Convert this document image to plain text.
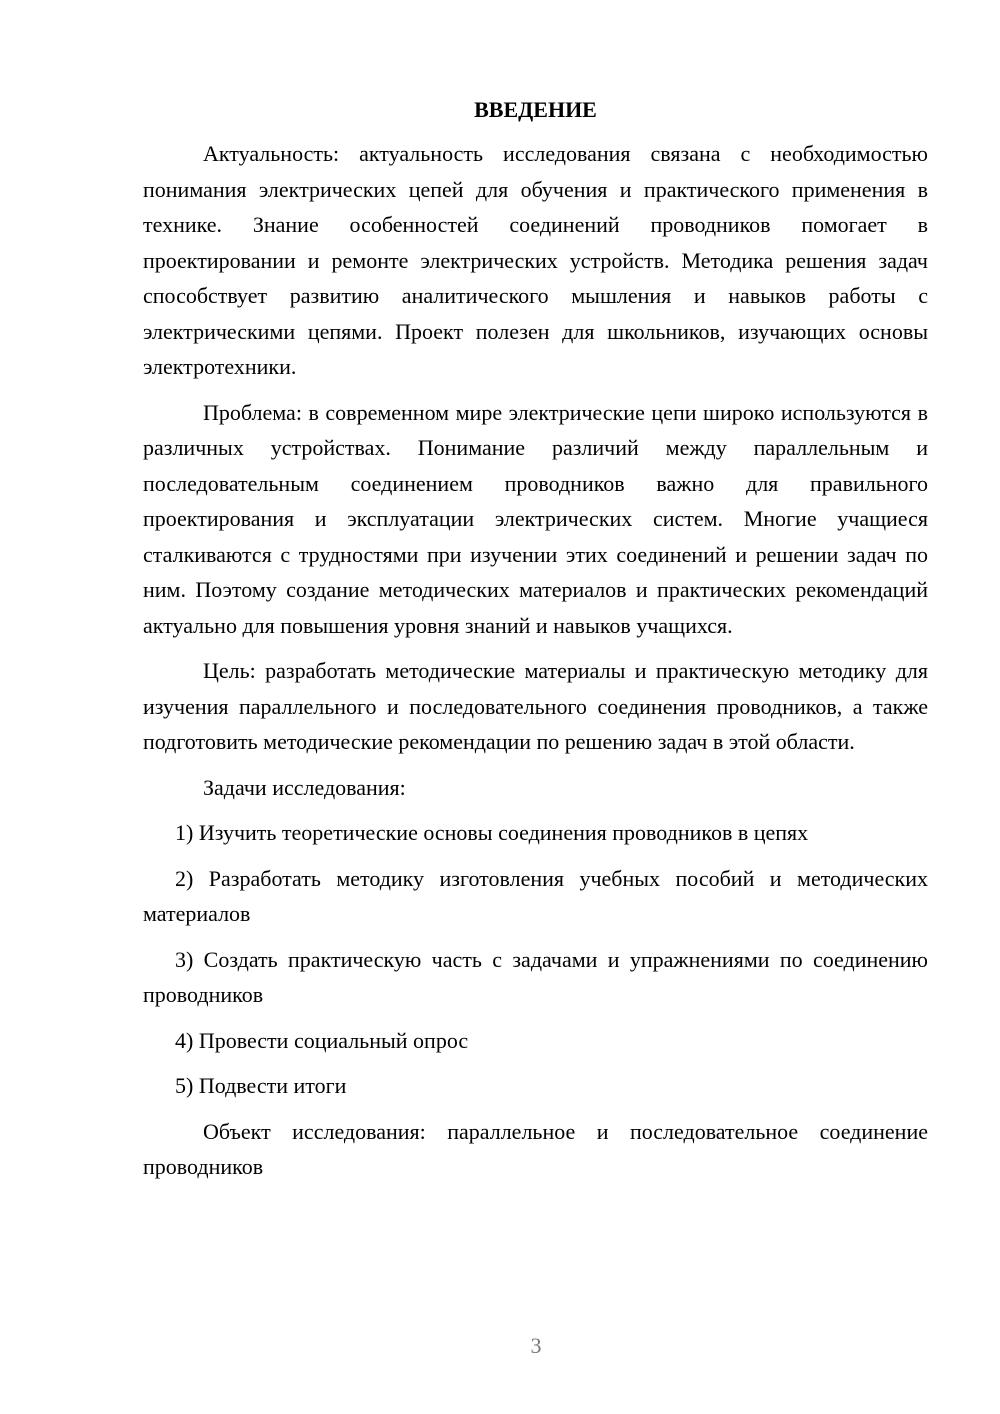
ВВЕДЕНИЕ

Актуальность: актуальность исследования связана с необходимостью понимания электрических цепей для обучения и практического применения в технике. Знание особенностей соединений проводников помогает в проектировании и ремонте электрических устройств. Методика решения задач способствует развитию аналитического мышления и навыков работы с электрическими цепями. Проект полезен для школьников, изучающих основы электротехники.

Проблема: в современном мире электрические цепи широко используются в различных устройствах. Понимание различий между параллельным и последовательным соединением проводников важно для правильного проектирования и эксплуатации электрических систем. Многие учащиеся сталкиваются с трудностями при изучении этих соединений и решении задач по ним. Поэтому создание методических материалов и практических рекомендаций актуально для повышения уровня знаний и навыков учащихся.

Цель: разработать методические материалы и практическую методику для изучения параллельного и последовательного соединения проводников, а также подготовить методические рекомендации по решению задач в этой области.

Задачи исследования:

1) Изучить теоретические основы соединения проводников в цепях

2) Разработать методику изготовления учебных пособий и методических материалов

3) Создать практическую часть с задачами и упражнениями по соединению проводников

4) Провести социальный опрос

5) Подвести итоги

Объект исследования: параллельное и последовательное соединение проводников

3
